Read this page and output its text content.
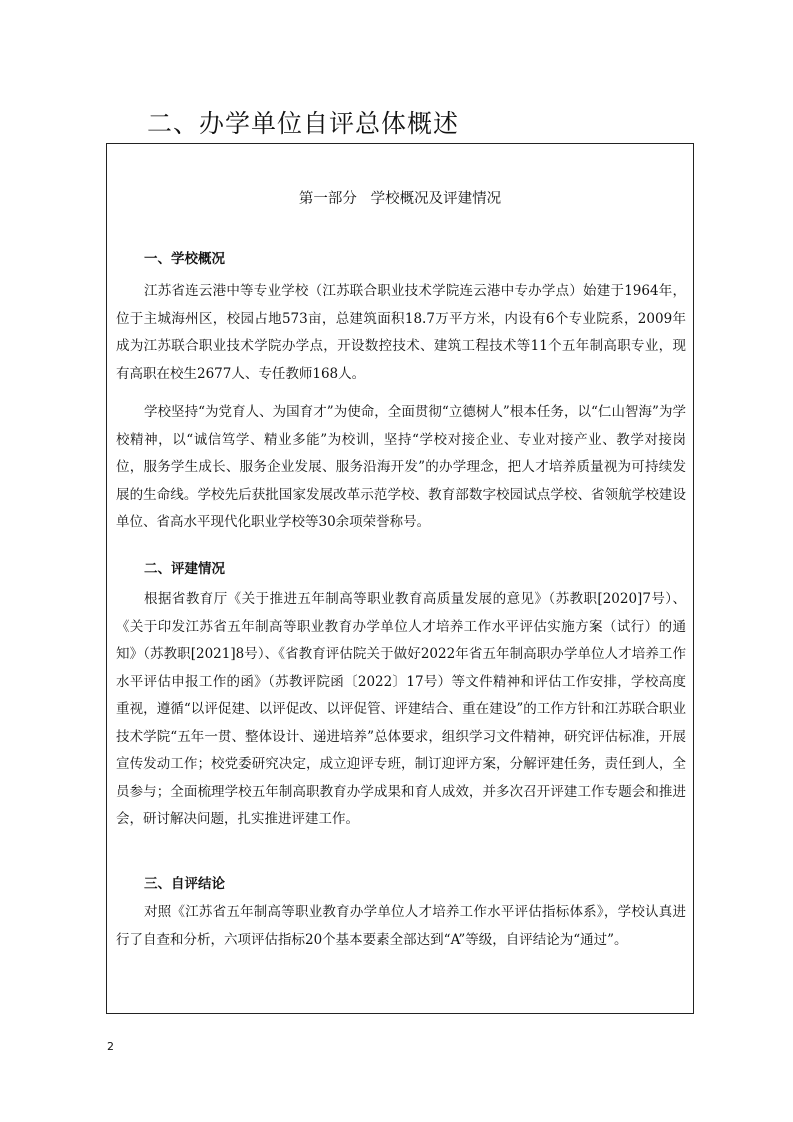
二、办学单位自评总体概述
第一部分   学校概况及评建情况
一、学校概况

江苏省连云港中等专业学校（江苏联合职业技术学院连云港中专办学点）始建于1964年，位于主城海州区，校园占地573亩，总建筑面积18.7万平方米，内设有6个专业院系，2009年成为江苏联合职业技术学院办学点，开设数控技术、建筑工程技术等11个五年制高职专业，现有高职在校生2677人、专任教师168人。

学校坚持“为党育人、为国育才”为使命，全面贯彻“立德树人”根本任务，以“仁山智海”为学校精神，以“诚信笃学、精业多能”为校训，坚持“学校对接企业、专业对接产业、教学对接岗位，服务学生成长、服务企业发展、服务沿海开发”的办学理念，把人才培养质量视为可持续发展的生命线。学校先后获批国家发展改革示范学校、教育部数字校园试点学校、省领航学校建设单位、省高水平现代化职业学校等30余项荣誉称号。

二、评建情况

根据省教育厅《关于推进五年制高等职业教育高质量发展的意见》（苏教职[2020]7号）、《关于印发江苏省五年制高等职业教育办学单位人才培养工作水平评估实施方案（试行）的通知》（苏教职[2021]8号）、《省教育评估院关于做好2022年省五年制高职办学单位人才培养工作水平评估申报工作的函》（苏教评院函〔2022〕17号）等文件精神和评估工作安排，学校高度重视，遵循“以评促建、以评促改、以评促管、评建结合、重在建设”的工作方针和江苏联合职业技术学院“五年一贯、整体设计、递进培养”总体要求，组织学习文件精神，研究评估标准，开展宣传发动工作；校党委研究决定，成立迎评专班，制订迎评方案，分解评建任务，责任到人，全员参与；全面梳理学校五年制高职教育办学成果和育人成效，并多次召开评建工作专题会和推进会，研讨解决问题，扎实推进评建工作。

三、自评结论

对照《江苏省五年制高等职业教育办学单位人才培养工作水平评估指标体系》，学校认真进行了自查和分析，六项评估指标20个基本要素全部达到“A”等级，自评结论为“通过”。

2
